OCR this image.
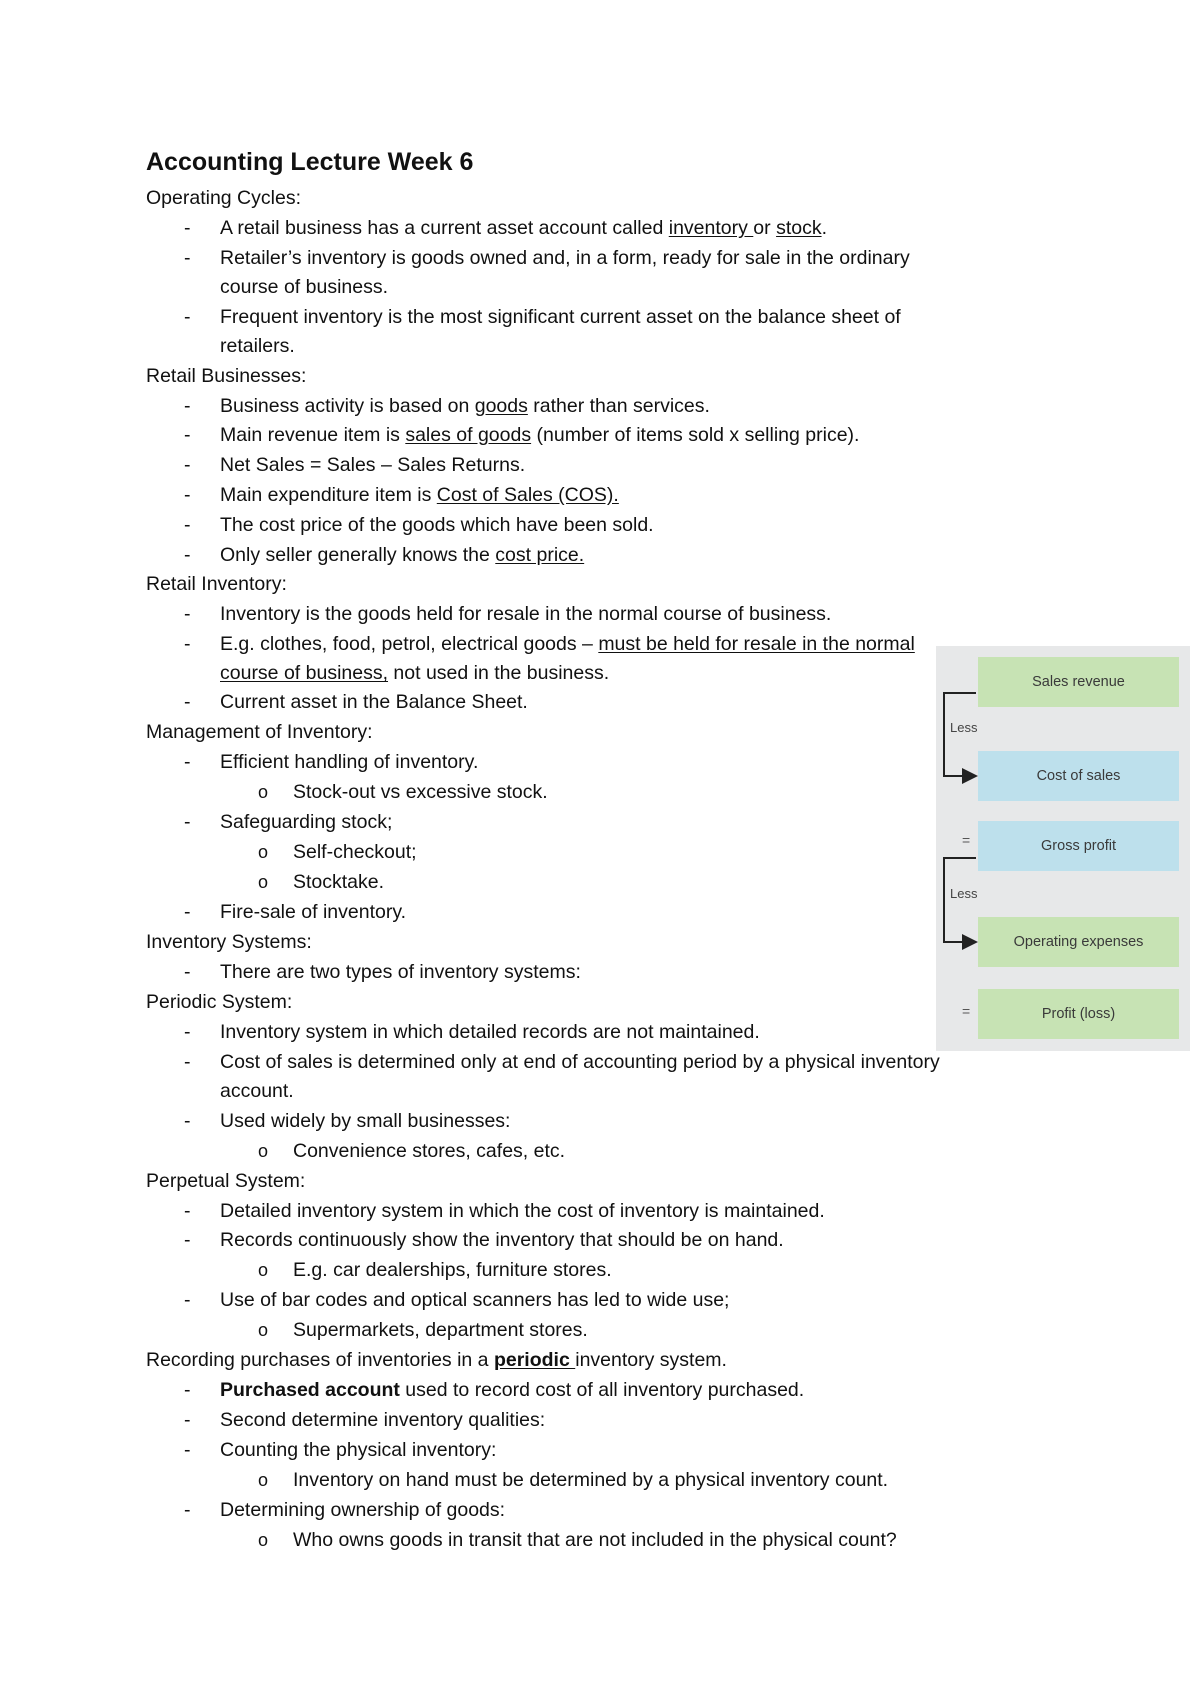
Accounting Lecture Week 6
Operating Cycles:
- A retail business has a current asset account called inventory or stock.
- Retailer’s inventory is goods owned and, in a form, ready for sale in the ordinary
course of business.
- Frequent inventory is the most significant current asset on the balance sheet of
retailers.
Retail Businesses:
- Business activity is based on goods rather than services.
- Main revenue item is sales of goods (number of items sold x selling price).
- Net Sales = Sales – Sales Returns.
- Main expenditure item is Cost of Sales (COS).
- The cost price of the goods which have been sold.
- Only seller generally knows the cost price.
Retail Inventory:
- Inventory is the goods held for resale in the normal course of business.
- E.g. clothes, food, petrol, electrical goods – must be held for resale in the normal
course of business, not used in the business.
- Current asset in the Balance Sheet.
Management of Inventory:
- Efficient handling of inventory.
o Stock-out vs excessive stock.
- Safeguarding stock;
o Self-checkout;
o Stocktake.
- Fire-sale of inventory.
Inventory Systems:
- There are two types of inventory systems:
Periodic System:
- Inventory system in which detailed records are not maintained.
- Cost of sales is determined only at end of accounting period by a physical inventory
account.
- Used widely by small businesses:
o Convenience stores, cafes, etc.
Perpetual System:
- Detailed inventory system in which the cost of inventory is maintained.
- Records continuously show the inventory that should be on hand.
o E.g. car dealerships, furniture stores.
- Use of bar codes and optical scanners has led to wide use;
o Supermarkets, department stores.
Recording purchases of inventories in a periodic inventory system.
- Purchased account used to record cost of all inventory purchased.
- Second determine inventory qualities:
- Counting the physical inventory:
o Inventory on hand must be determined by a physical inventory count.
- Determining ownership of goods:
o Who owns goods in transit that are not included in the physical count?
Sales revenue
Less
Cost of sales
=	Gross profit
Less
Operating expenses
=	Profit (loss)
